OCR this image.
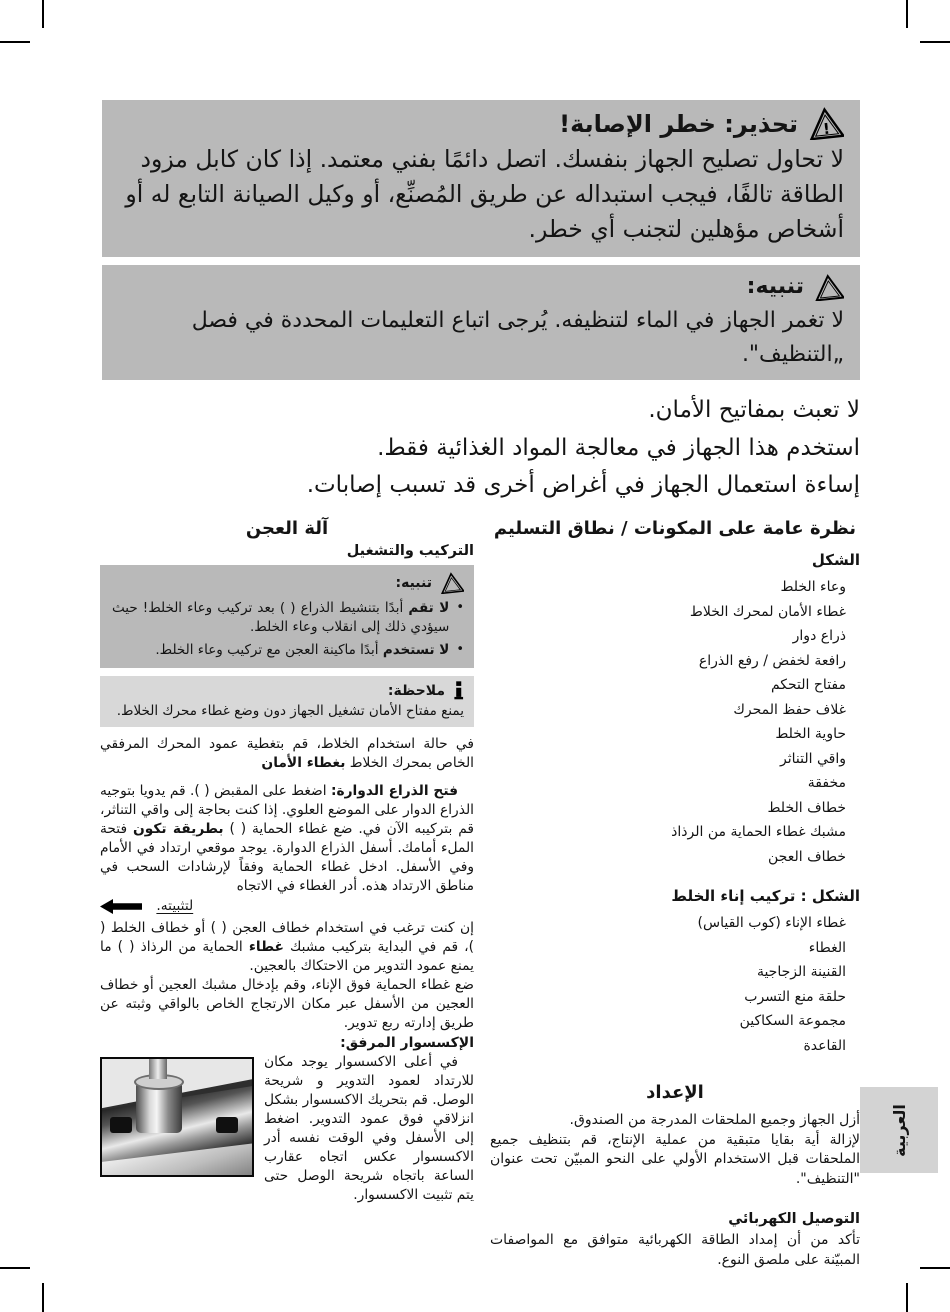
!
تحذير: خطر الإصابة!
لا تحاول تصليح الجهاز بنفسك. اتصل دائمًا بفني معتمد. إذا كان كابل مزود الطاقة تالفًا، فيجب استبداله عن طريق المُصنِّع، أو وكيل الصيانة التابع له أو أشخاص مؤهلين لتجنب أي خطر.
تنبيه:
لا تغمر الجهاز في الماء لتنظيفه. يُرجى اتباع التعليمات المحددة في فصل „التنظيف".
لا تعبث بمفاتيح الأمان.
استخدم هذا الجهاز في معالجة المواد الغذائية فقط.
إساءة استعمال الجهاز في أغراض أخرى قد تسبب إصابات.
نظرة عامة على المكونات / نطاق التسليم
الشكل
وعاء الخلط
غطاء الأمان لمحرك الخلاط
ذراع دوار
رافعة لخفض / رفع الذراع
مفتاح التحكم
غلاف حفظ المحرك
حاوية الخلط
واقي التناثر
مخفقة
خطاف الخلط
مشبك غطاء الحماية من الرذاذ
خطاف العجن
الشكل : تركيب إناء الخلط
غطاء الإناء (كوب القياس)
الغطاء
القنينة الزجاجية
حلقة منع التسرب
مجموعة السكاكين
القاعدة
الإعداد

أزل الجهاز وجميع الملحقات المدرجة من الصندوق.

لإزالة أية بقايا متبقية من عملية الإنتاج، قم بتنظيف جميع الملحقات قبل الاستخدام الأولي على النحو المبيّن تحت عنوان "التنظيف".

التوصيل الكهربائي

تأكد من أن إمداد الطاقة الكهربائية متوافق مع المواصفات المبيّنة على ملصق النوع.

آلة العجن
التركيب والتشغيل
تنبيه:
•
لا تقم أبدًا بتنشيط الذراع ( ) بعد تركيب وعاء الخلط! حيث سيؤدي ذلك إلى انقلاب وعاء الخلط.
•
لا تستخدم أبدًا ماكينة العجن مع تركيب وعاء الخلط.
ملاحظة:
يمنع مفتاح الأمان تشغيل الجهاز دون وضع غطاء محرك الخلاط.

في حالة استخدام الخلاط، قم بتغطية عمود المحرك المرفقي الخاص بمحرك الخلاط بغطاء الأمان

فتح الذراع الدوارة: اضغط على المقبض ( ). قم يدويا بتوجيه الذراع الدوار على الموضع العلوي. إذا كنت بحاجة إلى واقي التناثر، قم بتركيبه الآن في. ضع غطاء الحماية ( ) بطريقة تكون فتحة الملء أمامك. أسفل الذراع الدوارة. يوجد موقعي ارتداد في الأمام وفي الأسفل. ادخل غطاء الحماية وفقاً لإرشادات السحب في مناطق الارتداد هذه. أدر الغطاء في الاتجاه

لتثبيته.

إن كنت ترغب في استخدام خطاف العجن ( ) أو خطاف الخلط ( )، قم في البداية بتركيب مشبك غطاء الحماية من الرذاذ ( ) ما يمنع عمود التدوير من الاحتكاك بالعجين.

ضع غطاء الحماية فوق الإناء، وقم بإدخال مشبك العجين أو خطاف العجين من الأسفل عبر مكان الارتجاج الخاص بالواقي وثبته عن طريق إدارته ربع تدوير.

الإكسسوار المرفق:

في أعلى الاكسسوار يوجد مكان للارتداد لعمود التدوير و شريحة الوصل. قم بتحريك الاكسسوار بشكل انزلاقي فوق عمود التدوير. اضغط إلى الأسفل وفي الوقت نفسه أدر الاكسسوار عكس اتجاه عقارب الساعة باتجاه شريحة الوصل حتى يتم تثبيت الاكسسوار.

العربية
